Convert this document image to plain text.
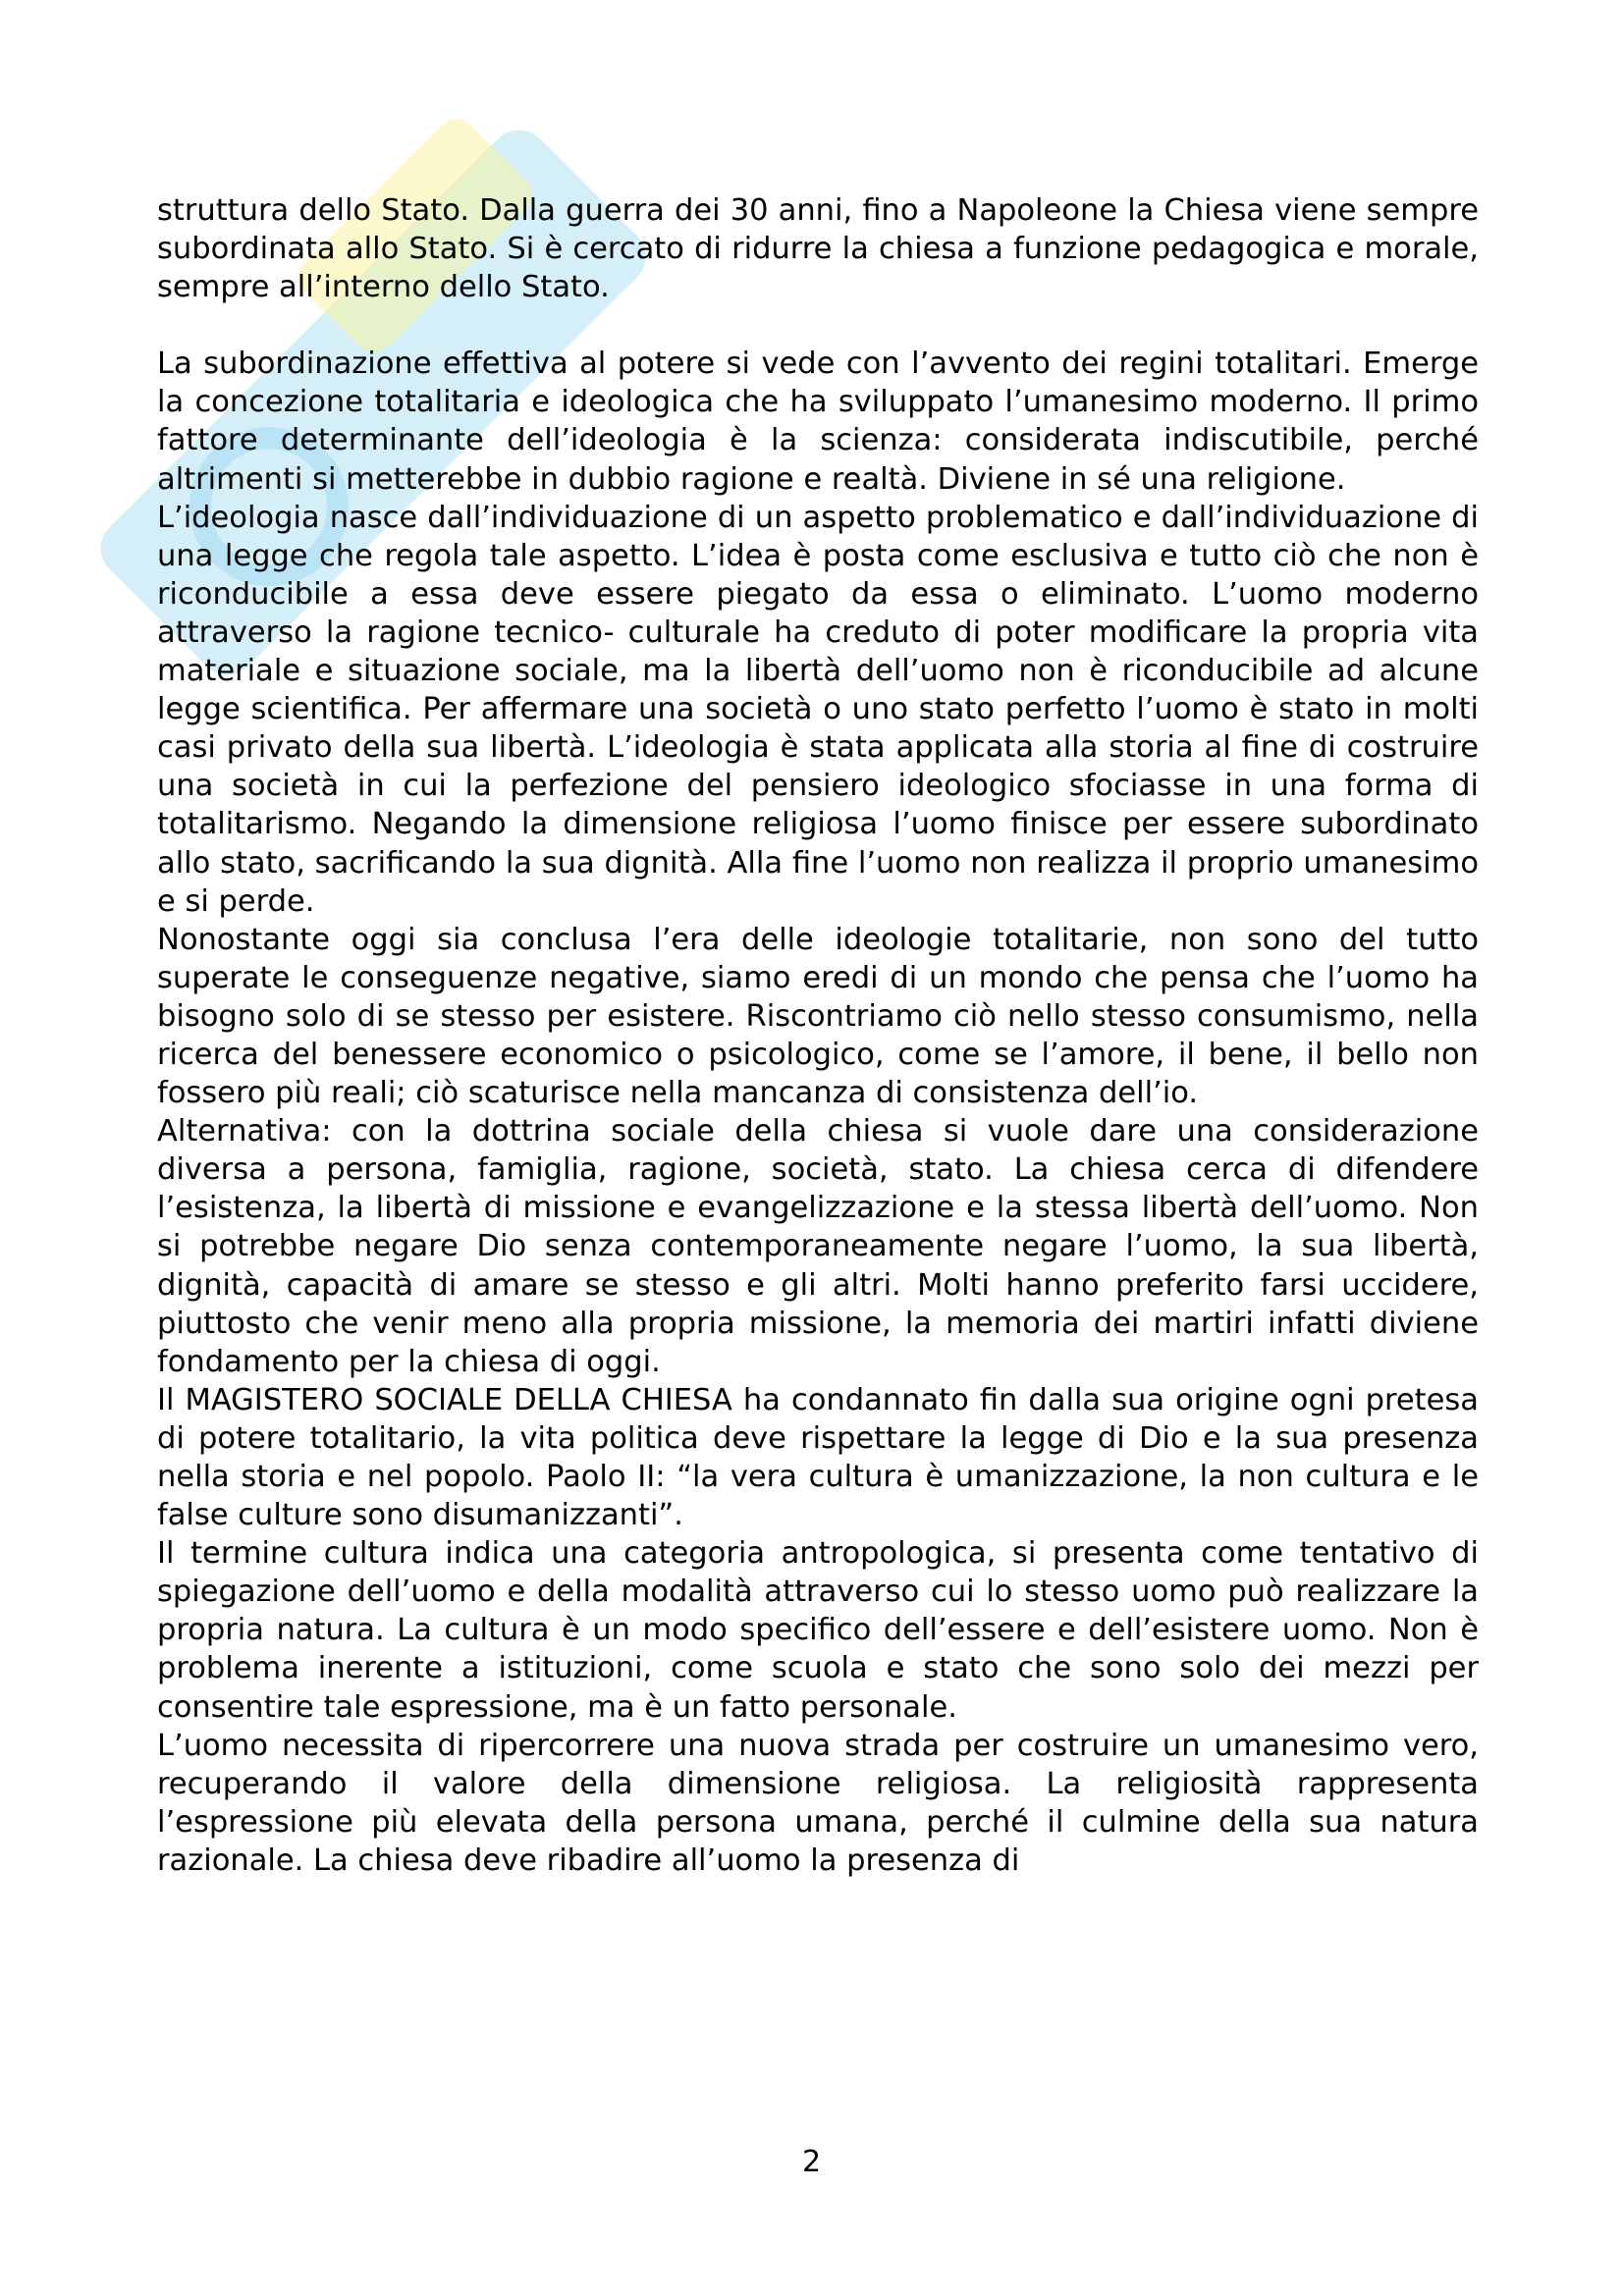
struttura dello Stato. Dalla guerra dei 30 anni, fino a Napoleone la Chiesa viene sempre subordinata allo Stato. Si è cercato di ridurre la chiesa a funzione pedagogica e morale, sempre all’interno dello Stato.

La subordinazione effettiva al potere si vede con l’avvento dei regini totalitari. Emerge la concezione totalitaria e ideologica che ha sviluppato l’umanesimo moderno. Il primo fattore determinante dell’ideologia è la scienza: considerata indiscutibile, perché altrimenti si metterebbe in dubbio ragione e realtà. Diviene in sé una religione.

L’ideologia nasce dall’individuazione di un aspetto problematico e dall’individuazione di una legge che regola tale aspetto. L’idea è posta come esclusiva e tutto ciò che non è riconducibile a essa deve essere piegato da essa o eliminato. L’uomo moderno attraverso la ragione tecnico- culturale ha creduto di poter modificare la propria vita materiale e situazione sociale, ma la libertà dell’uomo non è riconducibile ad alcune legge scientifica. Per affermare una società o uno stato perfetto l’uomo è stato in molti casi privato della sua libertà. L’ideologia è stata applicata alla storia al fine di costruire una società in cui la perfezione del pensiero ideologico sfociasse in una forma di totalitarismo. Negando la dimensione religiosa l’uomo finisce per essere subordinato allo stato, sacrificando la sua dignità. Alla fine l’uomo non realizza il proprio umanesimo e si perde.

Nonostante oggi sia conclusa l’era delle ideologie totalitarie, non sono del tutto superate le conseguenze negative, siamo eredi di un mondo che pensa che l’uomo ha bisogno solo di se stesso per esistere. Riscontriamo ciò nello stesso consumismo, nella ricerca del benessere economico o psicologico, come se l’amore, il bene, il bello non fossero più reali; ciò scaturisce nella mancanza di consistenza dell’io.

Alternativa: con la dottrina sociale della chiesa si vuole dare una considerazione diversa a persona, famiglia, ragione, società, stato. La chiesa cerca di difendere l’esistenza, la libertà di missione e evangelizzazione e la stessa libertà dell’uomo. Non si potrebbe negare Dio senza contemporaneamente negare l’uomo, la sua libertà, dignità, capacità di amare se stesso e gli altri. Molti hanno preferito farsi uccidere, piuttosto che venir meno alla propria missione, la memoria dei martiri infatti diviene fondamento per la chiesa di oggi.

Il MAGISTERO SOCIALE DELLA CHIESA ha condannato fin dalla sua origine ogni pretesa di potere totalitario, la vita politica deve rispettare la legge di Dio e la sua presenza nella storia e nel popolo. Paolo II: “la vera cultura è umanizzazione, la non cultura e le false culture sono disumanizzanti”.

Il termine cultura indica una categoria antropologica, si presenta come tentativo di spiegazione dell’uomo e della modalità attraverso cui lo stesso uomo può realizzare la propria natura. La cultura è un modo specifico dell’essere e dell’esistere uomo. Non è problema inerente a istituzioni, come scuola e stato che sono solo dei mezzi per consentire tale espressione, ma è un fatto personale.

L’uomo necessita di ripercorrere una nuova strada per costruire un umanesimo vero, recuperando il valore della dimensione religiosa. La religiosità rappresenta l’espressione più elevata della persona umana, perché il culmine della sua natura razionale. La chiesa deve ribadire all’uomo la presenza di

2
